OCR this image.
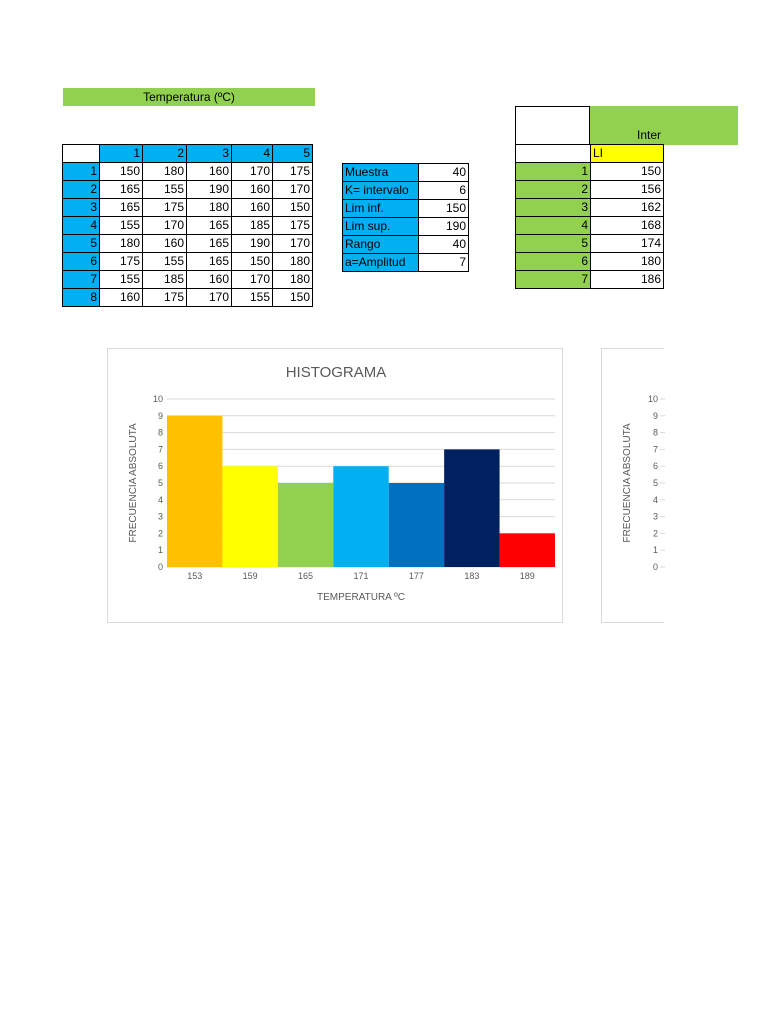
Temperatura (ºC)
	1	2	3	4	5
1	150	180	160	170	175
2	165	155	190	160	170
3	165	175	180	160	150
4	155	170	165	185	175
5	180	160	165	190	170
6	175	155	165	150	180
7	155	185	160	170	180
8	160	175	170	155	150
Muestra	40
K= intervalo	6
Lim inf.	150
Lim sup.	190
Rango	40
a=Amplitud	7
Inter
	LI
1	150
2	156
3	162
4	168
5	174
6	180
7	186
HISTOGRAMA
0
1
2
3
4
5
6
7
8
9
10
153	159	165	171	177	183	189
TEMPERATURA ºC
FRECUENCIA ABSOLUTA
0
1
2
3
4
5
6
7
8
9
10
FRECUENCIA ABSOLUTA
